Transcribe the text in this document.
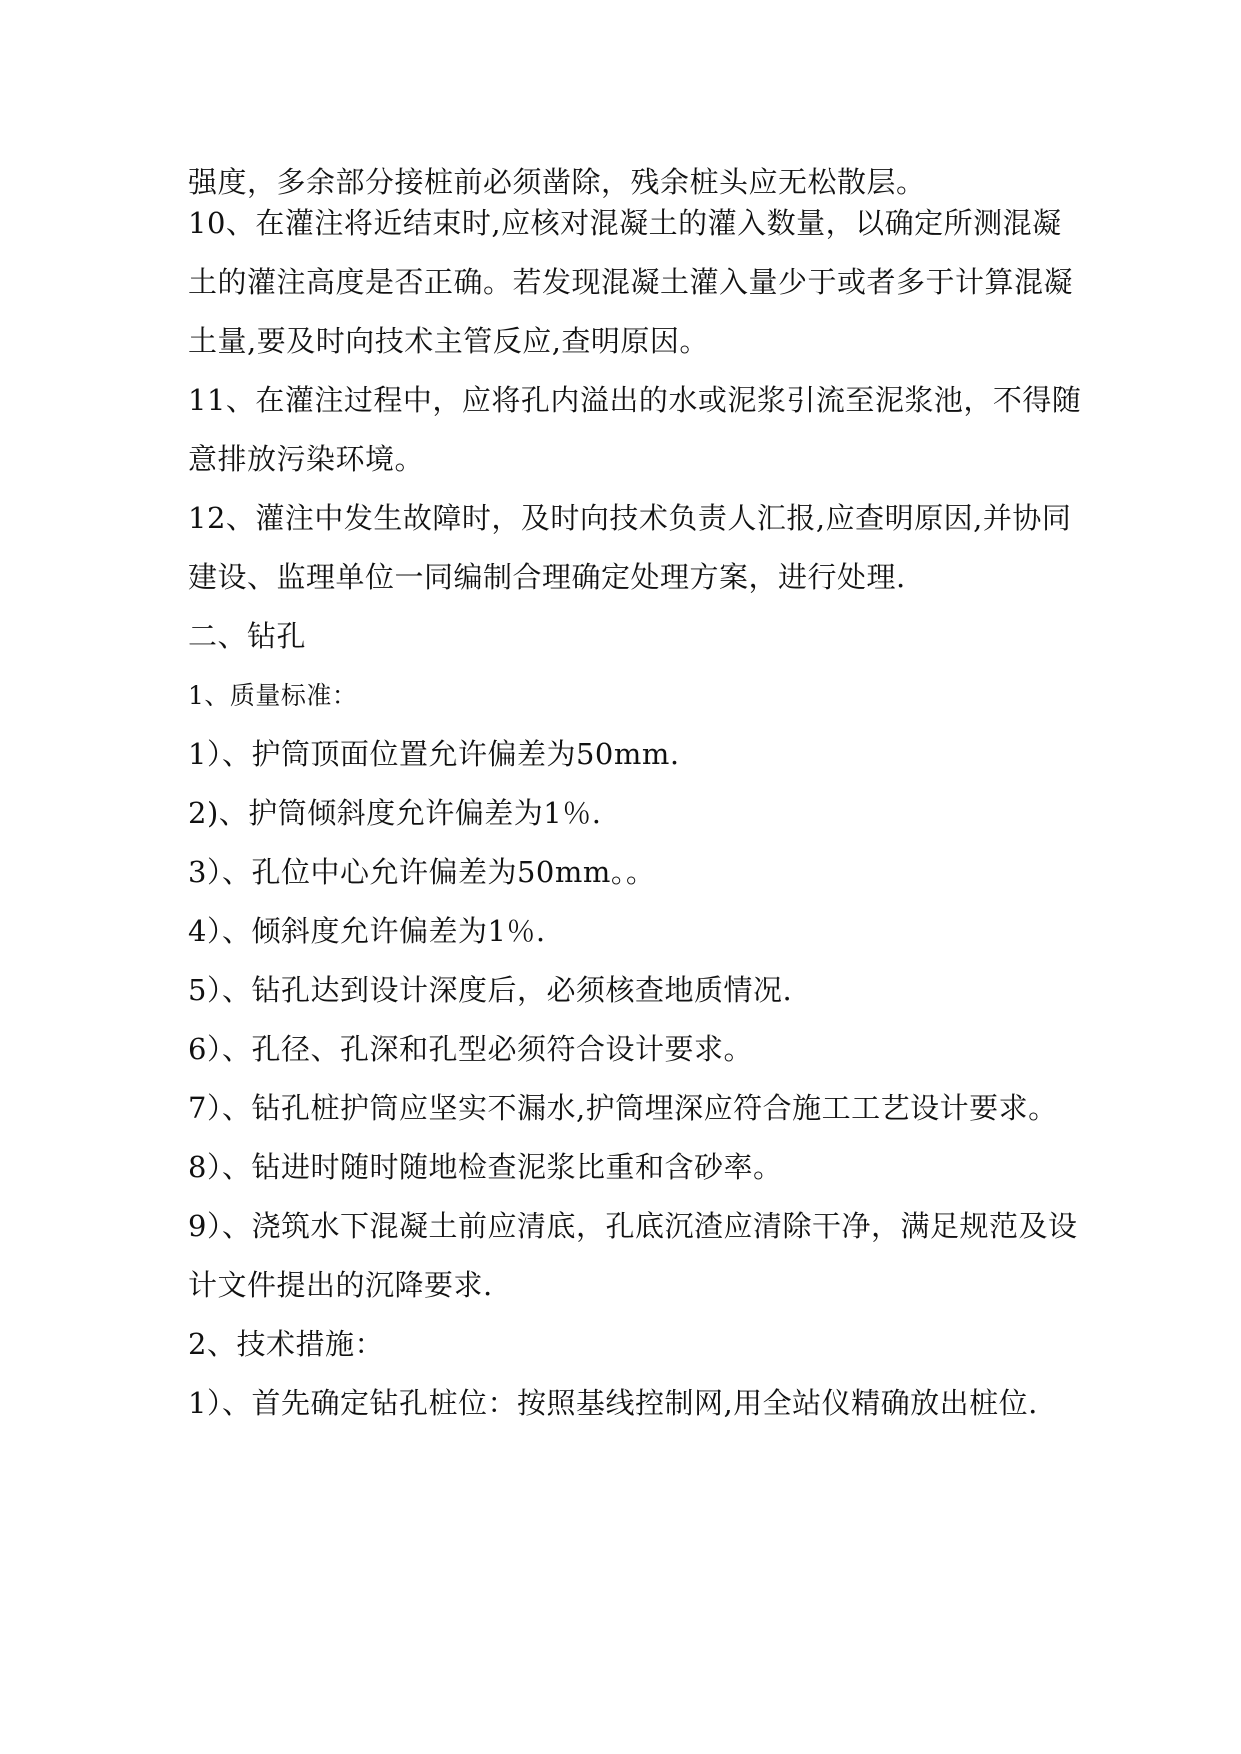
强度，多余部分接桩前必须凿除，残余桩头应无松散层。
10、在灌注将近结束时,应核对混凝土的灌入数量，以确定所测混凝
土的灌注高度是否正确。若发现混凝土灌入量少于或者多于计算混凝
土量,要及时向技术主管反应,查明原因。
11、在灌注过程中，应将孔内溢出的水或泥浆引流至泥浆池，不得随
意排放污染环境。
12、灌注中发生故障时，及时向技术负责人汇报,应查明原因,并协同
建设、监理单位一同编制合理确定处理方案，进行处理.
二、钻孔
1、质量标准：
1）、护筒顶面位置允许偏差为50mm.
2)、护筒倾斜度允许偏差为1％.
3）、孔位中心允许偏差为50mm。。
4）、倾斜度允许偏差为1％.
5）、钻孔达到设计深度后，必须核查地质情况.
6）、孔径、孔深和孔型必须符合设计要求。
7）、钻孔桩护筒应坚实不漏水,护筒埋深应符合施工工艺设计要求。
8）、钻进时随时随地检查泥浆比重和含砂率。
9）、浇筑水下混凝土前应清底，孔底沉渣应清除干净，满足规范及设
计文件提出的沉降要求.
2、技术措施：
1）、首先确定钻孔桩位：按照基线控制网,用全站仪精确放出桩位.
